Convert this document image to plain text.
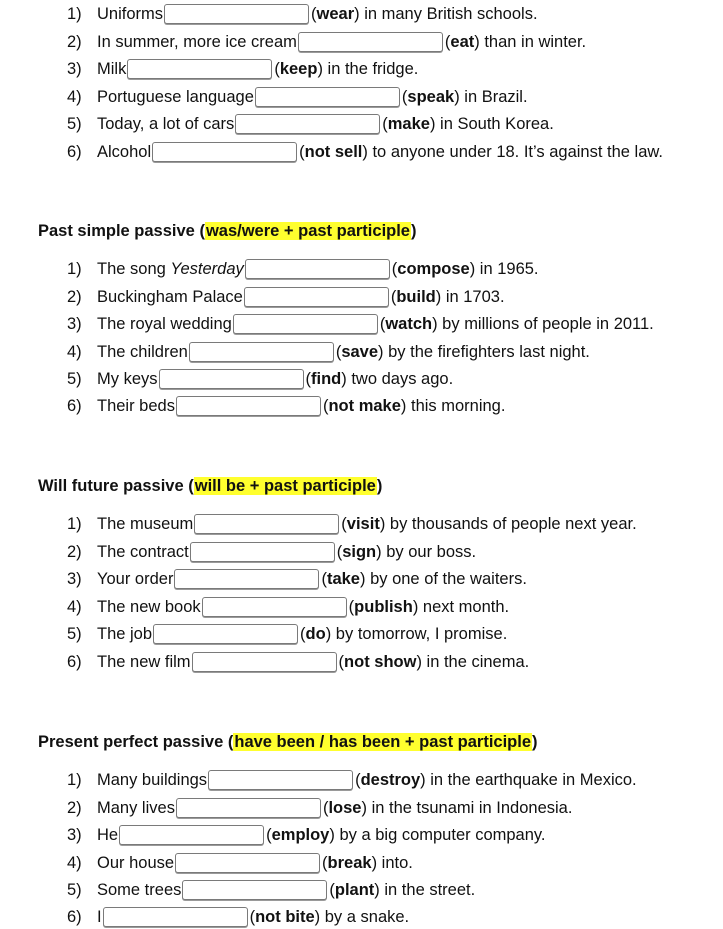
1) Uniforms	(wear) in many British schools.
2) In summer, more ice cream	(eat) than in winter.
3) Milk	(keep) in the fridge.
4) Portuguese language	(speak) in Brazil.
5) Today, a lot of cars	(make) in South Korea.
6) Alcohol	(not sell) to anyone under 18. It’s against the law.
Past simple passive (was/were + past participle)
1) The song Yesterday	(compose) in 1965.
2) Buckingham Palace	(build) in 1703.
3) The royal wedding	(watch) by millions of people in 2011.
4) The children	(save) by the firefighters last night.
5) My keys	(find) two days ago.
6) Their beds	(not make) this morning.
Will future passive (will be + past participle)
1) The museum	(visit) by thousands of people next year.
2) The contract	(sign) by our boss.
3) Your order	(take) by one of the waiters.
4) The new book	(publish) next month.
5) The job	(do) by tomorrow, I promise.
6) The new film	(not show) in the cinema.
Present perfect passive (have been / has been + past participle)
1) Many buildings	(destroy) in the earthquake in Mexico.
2) Many lives	(lose) in the tsunami in Indonesia.
3) He	(employ) by a big computer company.
4) Our house	(break) into.
5) Some trees	(plant) in the street.
6) I	(not bite) by a snake.
